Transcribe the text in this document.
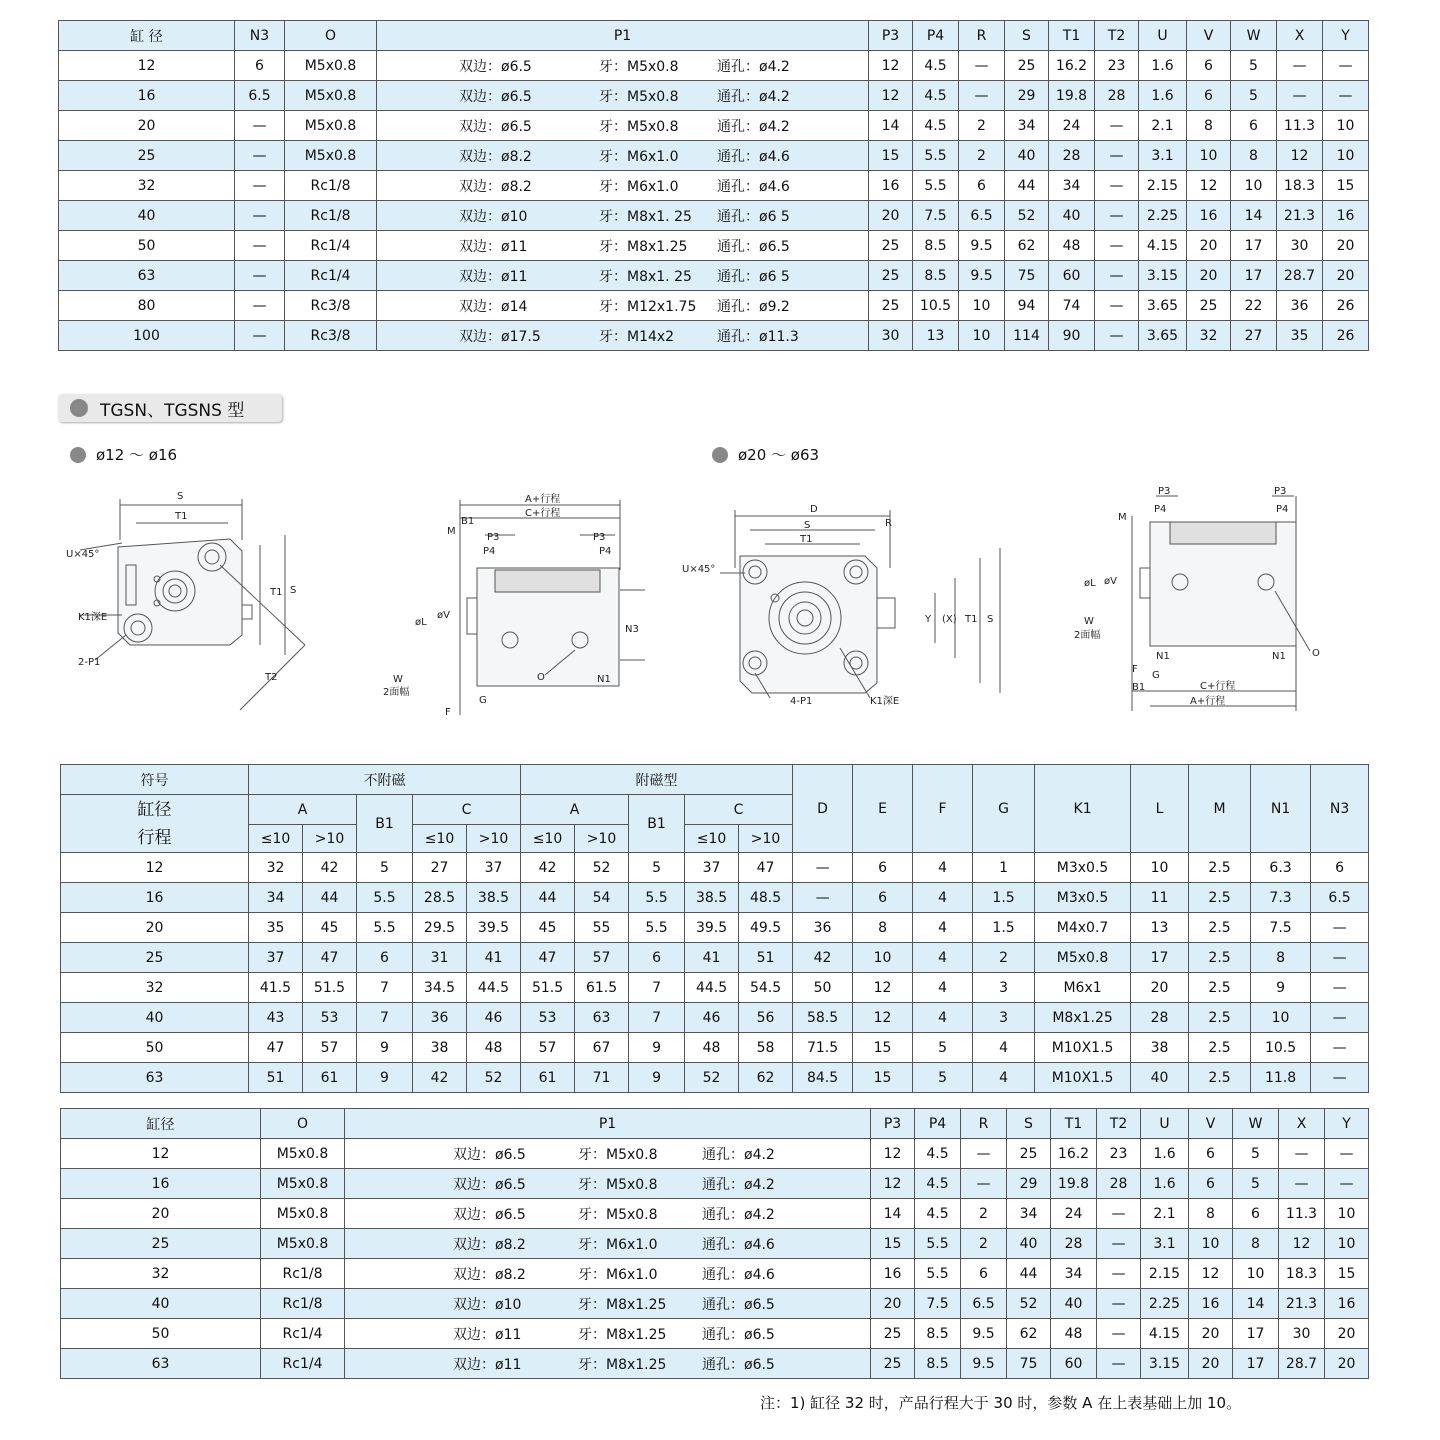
缸 径	N3	O	P1	P3	P4	R	S	T1	T2	U	V	W	X	Y
12	6	M5x0.8	双边：ø6.5 牙：M5x0.8 通孔：ø4.2	12	4.5	—	25	16.2	23	1.6	6	5	—	—
16	6.5	M5x0.8	双边：ø6.5 牙：M5x0.8 通孔：ø4.2	12	4.5	—	29	19.8	28	1.6	6	5	—	—
20	—	M5x0.8	双边：ø6.5 牙：M5x0.8 通孔：ø4.2	14	4.5	2	34	24	—	2.1	8	6	11.3	10
25	—	M5x0.8	双边：ø8.2 牙：M6x1.0 通孔：ø4.6	15	5.5	2	40	28	—	3.1	10	8	12	10
32	—	Rc1/8	双边：ø8.2 牙：M6x1.0 通孔：ø4.6	16	5.5	6	44	34	—	2.15	12	10	18.3	15
40	—	Rc1/8	双边：ø10 牙：M8x1. 25 通孔：ø6 5	20	7.5	6.5	52	40	—	2.25	16	14	21.3	16
50	—	Rc1/4	双边：ø11 牙：M8x1.25 通孔：ø6.5	25	8.5	9.5	62	48	—	4.15	20	17	30	20
63	—	Rc1/4	双边：ø11 牙：M8x1. 25 通孔：ø6 5	25	8.5	9.5	75	60	—	3.15	20	17	28.7	20
80	—	Rc3/8	双边：ø14 牙：M12x1.75 通孔：ø9.2	25	10.5	10	94	74	—	3.65	25	22	36	26
100	—	Rc3/8	双边：ø17.5 牙：M14x2 通孔：ø11.3	30	13	10	114	90	—	3.65	32	27	35	26
TGSN、TGSNS 型
ø12 ～ ø16	ø20 ～ ø63
S
T1
U×45°
K1深E
2-P1
T1 S
T2
A+行程
C+行程
B1
M
P3
P4
P3
P4
øL
øV
N3
W
2面幅
O	N1
G
F
D
S	R
T1
U×45°
Y (X) T1 S
4-P1	K1深E
P3	P3
M
P4	P4
øL øV
W
2面幅
N1	N1	O
F
G
B1	C+行程
A+行程
符号	不附磁					附磁型					D	E	F	G	K1	L	M	N1	N3

缸径
行程	A		B1	C		A		B1	C										
	≤10	>10		≤10	>10	≤10	>10		≤10	>10									
12	32	42	5	27	37	42	52	5	37	47	—	6	4	1	M3x0.5	10	2.5	6.3	6
16	34	44	5.5	28.5	38.5	44	54	5.5	38.5	48.5	—	6	4	1.5	M3x0.5	11	2.5	7.3	6.5
20	35	45	5.5	29.5	39.5	45	55	5.5	39.5	49.5	36	8	4	1.5	M4x0.7	13	2.5	7.5	—
25	37	47	6	31	41	47	57	6	41	51	42	10	4	2	M5x0.8	17	2.5	8	—
32	41.5	51.5	7	34.5	44.5	51.5	61.5	7	44.5	54.5	50	12	4	3	M6x1	20	2.5	9	—
40	43	53	7	36	46	53	63	7	46	56	58.5	12	4	3	M8x1.25	28	2.5	10	—
50	47	57	9	38	48	57	67	9	48	58	71.5	15	5	4	M10X1.5	38	2.5	10.5	—
63	51	61	9	42	52	61	71	9	52	62	84.5	15	5	4	M10X1.5	40	2.5	11.8	—
缸径	O	P1	P3	P4	R	S	T1	T2	U	V	W	X	Y
12	M5x0.8	双边：ø6.5 牙：M5x0.8 通孔：ø4.2	12	4.5	—	25	16.2	23	1.6	6	5	—	—
16	M5x0.8	双边：ø6.5 牙：M5x0.8 通孔：ø4.2	12	4.5	—	29	19.8	28	1.6	6	5	—	—
20	M5x0.8	双边：ø6.5 牙：M5x0.8 通孔：ø4.2	14	4.5	2	34	24	—	2.1	8	6	11.3	10
25	M5x0.8	双边：ø8.2 牙：M6x1.0 通孔：ø4.6	15	5.5	2	40	28	—	3.1	10	8	12	10
32	Rc1/8	双边：ø8.2 牙：M6x1.0 通孔：ø4.6	16	5.5	6	44	34	—	2.15	12	10	18.3	15
40	Rc1/8	双边：ø10 牙：M8x1.25 通孔：ø6.5	20	7.5	6.5	52	40	—	2.25	16	14	21.3	16
50	Rc1/4	双边：ø11 牙：M8x1.25 通孔：ø6.5	25	8.5	9.5	62	48	—	4.15	20	17	30	20
63	Rc1/4	双边：ø11 牙：M8x1.25 通孔：ø6.5	25	8.5	9.5	75	60	—	3.15	20	17	28.7	20
注：1) 缸径 32 时，产品行程大于 30 时，参数 A 在上表基础上加 10。
